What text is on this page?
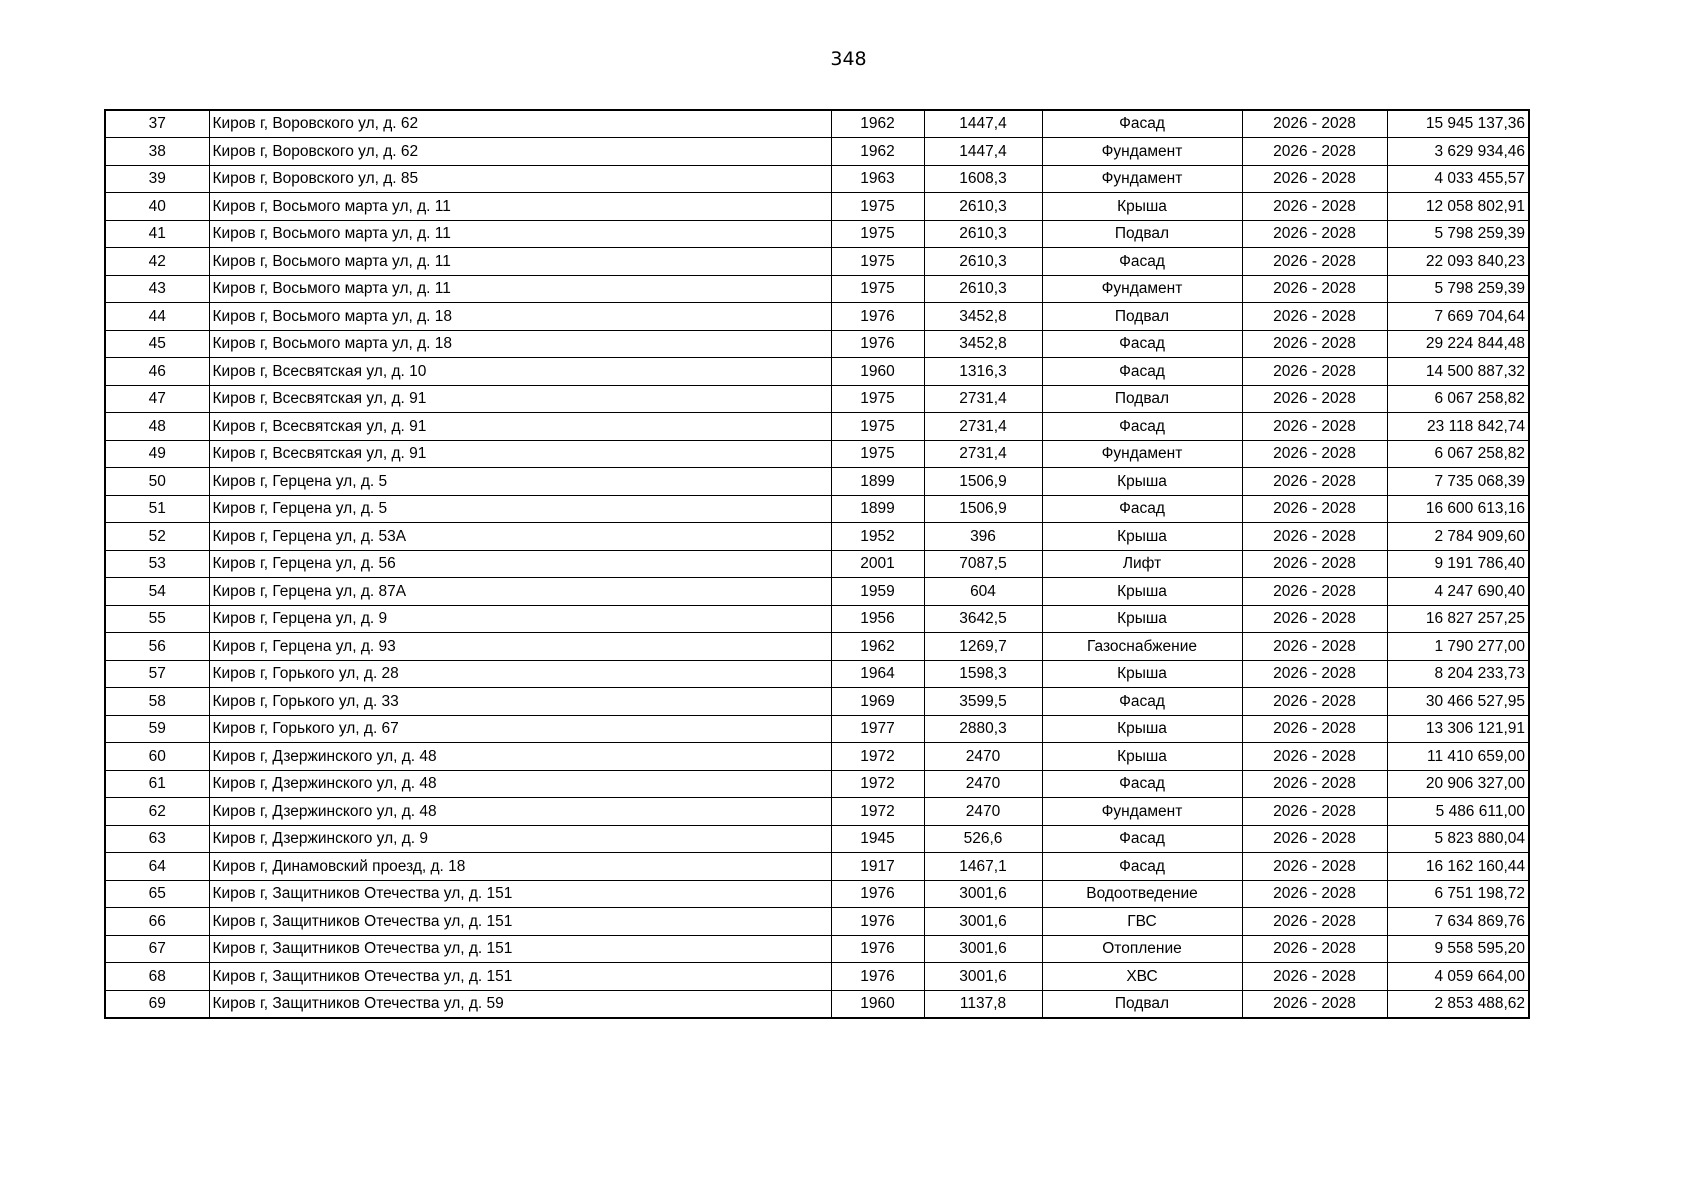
348
37	Киров г, Воровского ул, д. 62	1962	1447,4	Фасад	2026 - 2028	15 945 137,36
38	Киров г, Воровского ул, д. 62	1962	1447,4	Фундамент	2026 - 2028	3 629 934,46
39	Киров г, Воровского ул, д. 85	1963	1608,3	Фундамент	2026 - 2028	4 033 455,57
40	Киров г, Восьмого марта ул, д. 11	1975	2610,3	Крыша	2026 - 2028	12 058 802,91
41	Киров г, Восьмого марта ул, д. 11	1975	2610,3	Подвал	2026 - 2028	5 798 259,39
42	Киров г, Восьмого марта ул, д. 11	1975	2610,3	Фасад	2026 - 2028	22 093 840,23
43	Киров г, Восьмого марта ул, д. 11	1975	2610,3	Фундамент	2026 - 2028	5 798 259,39
44	Киров г, Восьмого марта ул, д. 18	1976	3452,8	Подвал	2026 - 2028	7 669 704,64
45	Киров г, Восьмого марта ул, д. 18	1976	3452,8	Фасад	2026 - 2028	29 224 844,48
46	Киров г, Всесвятская ул, д. 10	1960	1316,3	Фасад	2026 - 2028	14 500 887,32
47	Киров г, Всесвятская ул, д. 91	1975	2731,4	Подвал	2026 - 2028	6 067 258,82
48	Киров г, Всесвятская ул, д. 91	1975	2731,4	Фасад	2026 - 2028	23 118 842,74
49	Киров г, Всесвятская ул, д. 91	1975	2731,4	Фундамент	2026 - 2028	6 067 258,82
50	Киров г, Герцена ул, д. 5	1899	1506,9	Крыша	2026 - 2028	7 735 068,39
51	Киров г, Герцена ул, д. 5	1899	1506,9	Фасад	2026 - 2028	16 600 613,16
52	Киров г, Герцена ул, д. 53А	1952	396	Крыша	2026 - 2028	2 784 909,60
53	Киров г, Герцена ул, д. 56	2001	7087,5	Лифт	2026 - 2028	9 191 786,40
54	Киров г, Герцена ул, д. 87А	1959	604	Крыша	2026 - 2028	4 247 690,40
55	Киров г, Герцена ул, д. 9	1956	3642,5	Крыша	2026 - 2028	16 827 257,25
56	Киров г, Герцена ул, д. 93	1962	1269,7	Газоснабжение	2026 - 2028	1 790 277,00
57	Киров г, Горького ул, д. 28	1964	1598,3	Крыша	2026 - 2028	8 204 233,73
58	Киров г, Горького ул, д. 33	1969	3599,5	Фасад	2026 - 2028	30 466 527,95
59	Киров г, Горького ул, д. 67	1977	2880,3	Крыша	2026 - 2028	13 306 121,91
60	Киров г, Дзержинского ул, д. 48	1972	2470	Крыша	2026 - 2028	11 410 659,00
61	Киров г, Дзержинского ул, д. 48	1972	2470	Фасад	2026 - 2028	20 906 327,00
62	Киров г, Дзержинского ул, д. 48	1972	2470	Фундамент	2026 - 2028	5 486 611,00
63	Киров г, Дзержинского ул, д. 9	1945	526,6	Фасад	2026 - 2028	5 823 880,04
64	Киров г, Динамовский проезд, д. 18	1917	1467,1	Фасад	2026 - 2028	16 162 160,44
65	Киров г, Защитников Отечества ул, д. 151	1976	3001,6	Водоотведение	2026 - 2028	6 751 198,72
66	Киров г, Защитников Отечества ул, д. 151	1976	3001,6	ГВС	2026 - 2028	7 634 869,76
67	Киров г, Защитников Отечества ул, д. 151	1976	3001,6	Отопление	2026 - 2028	9 558 595,20
68	Киров г, Защитников Отечества ул, д. 151	1976	3001,6	ХВС	2026 - 2028	4 059 664,00
69	Киров г, Защитников Отечества ул, д. 59	1960	1137,8	Подвал	2026 - 2028	2 853 488,62
